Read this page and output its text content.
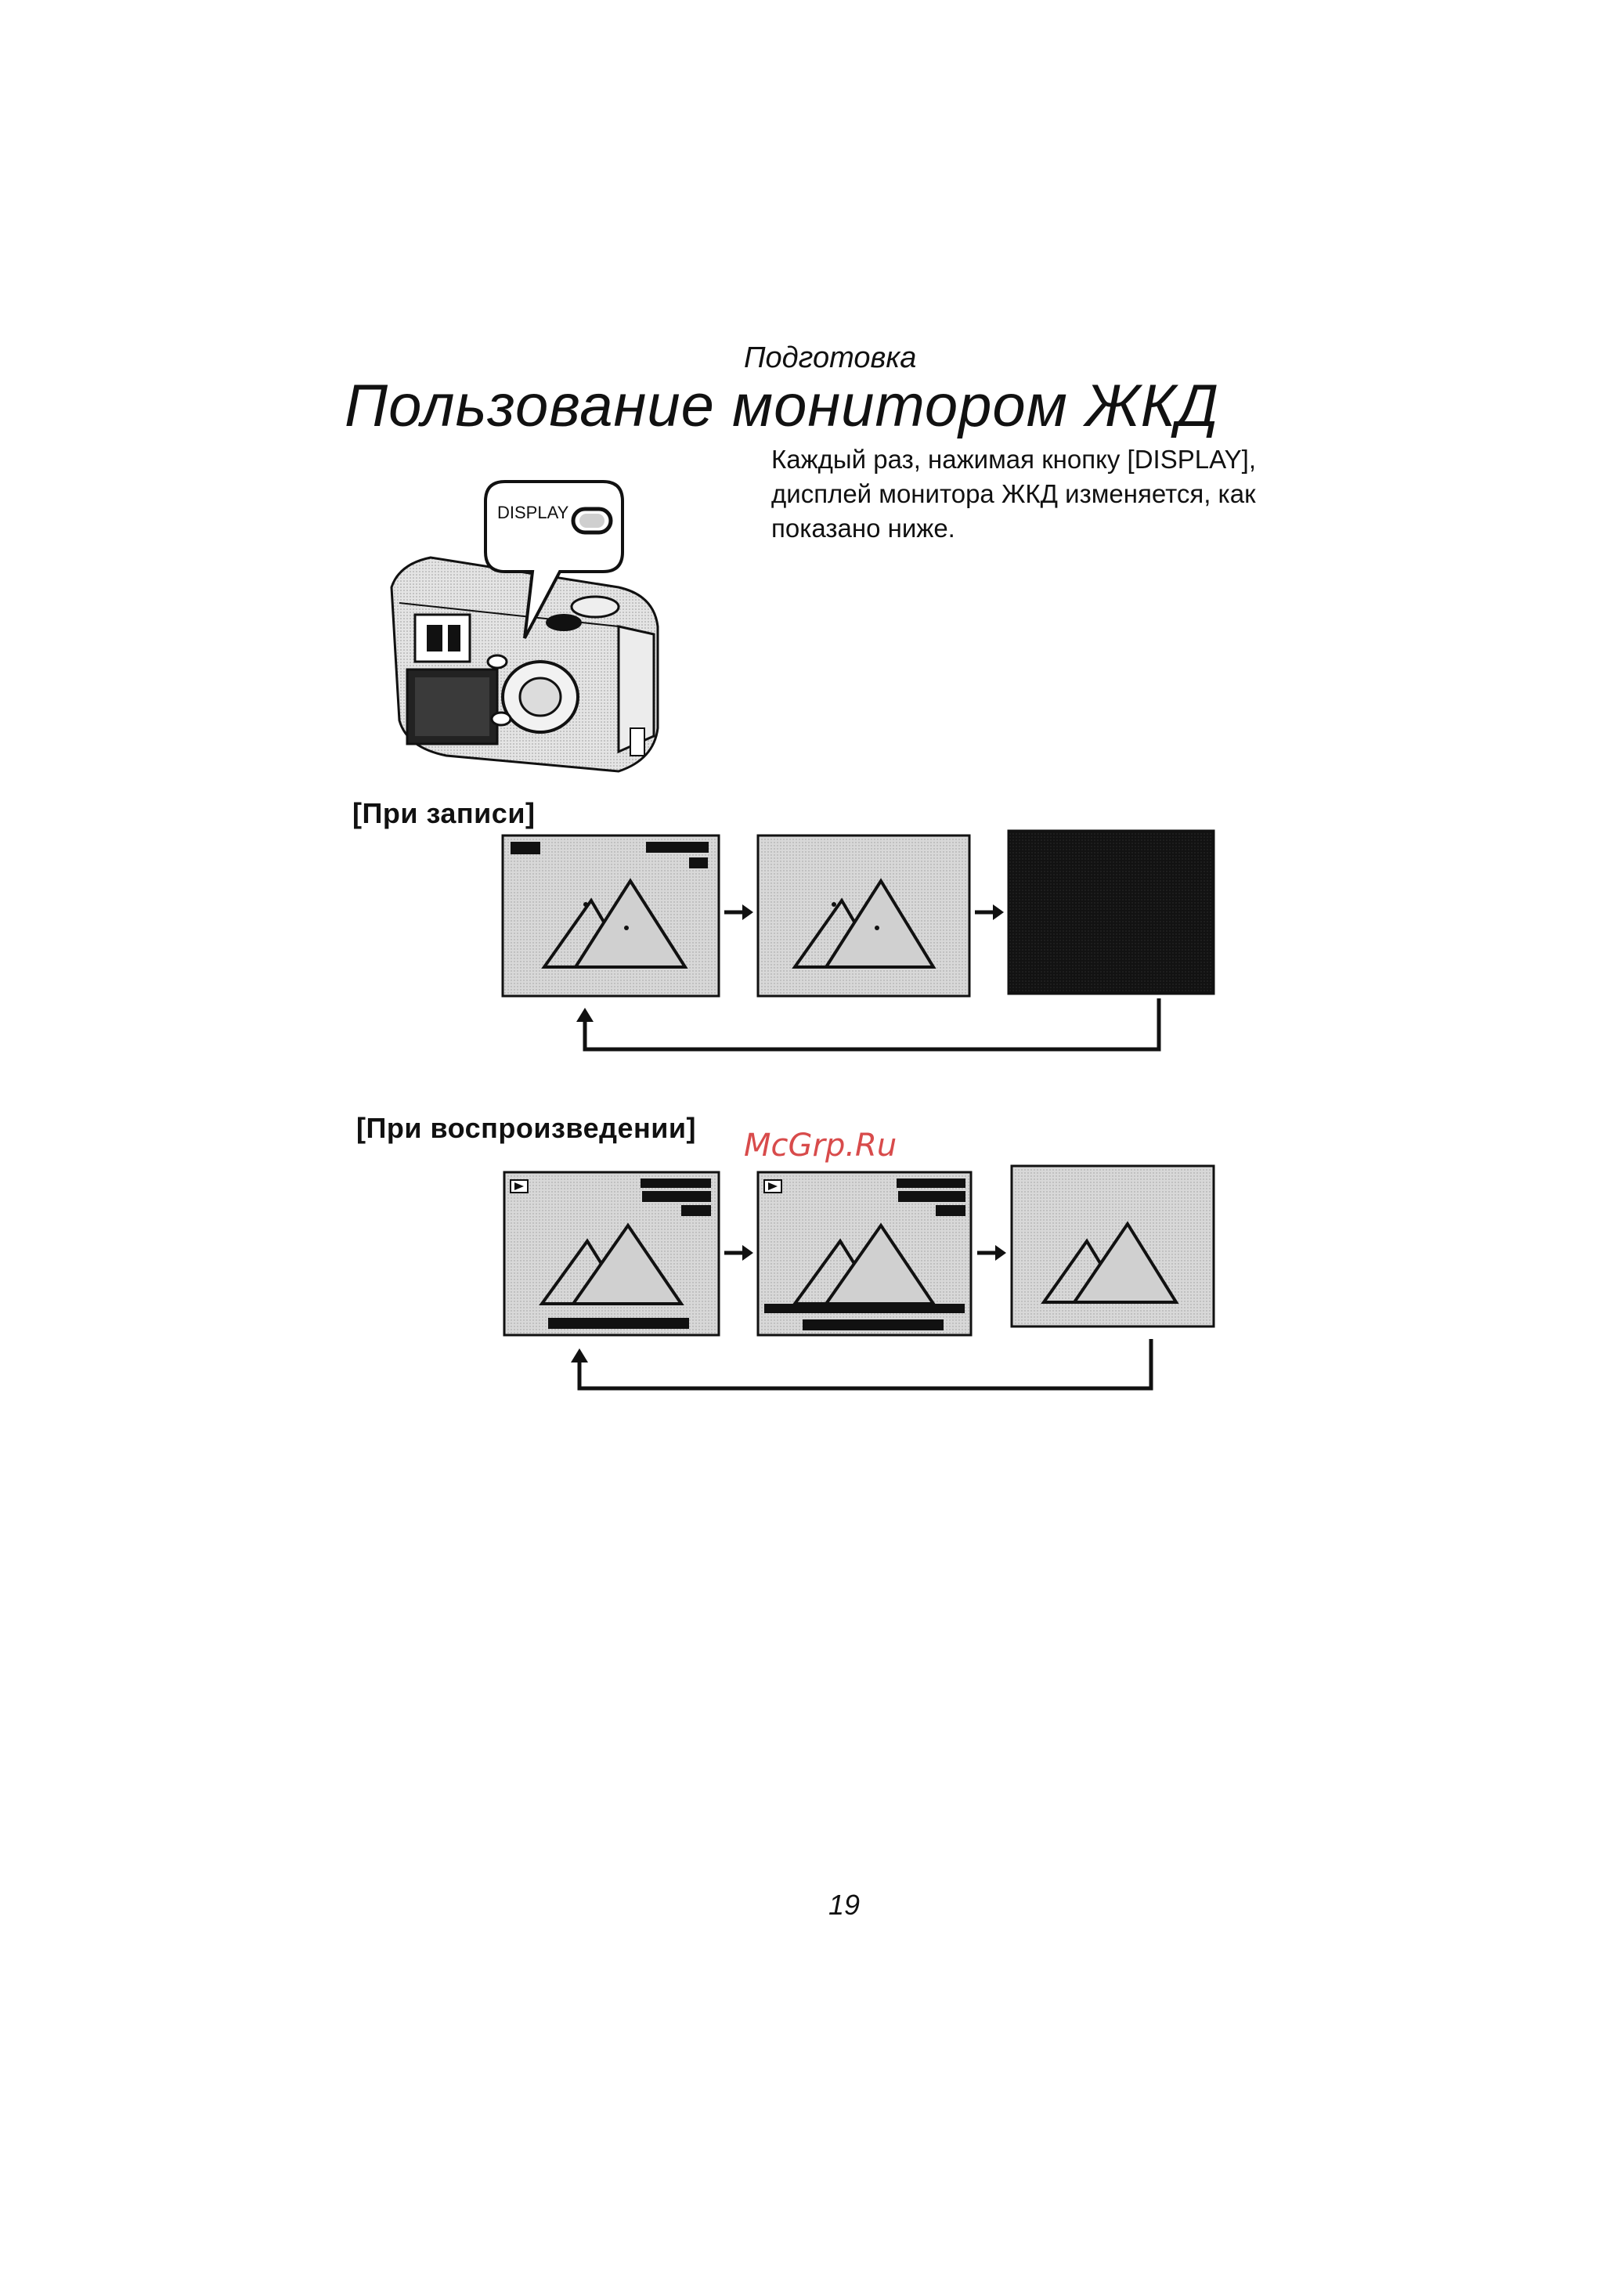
Подготовка
Пользование монитором ЖКД

Каждый раз, нажимая кнопку [DISPLAY],

дисплей монитора ЖКД изменяется, как

показано ниже.

DISPLAY
[При записи]
[При воспроизведении] McGrp.Ru
19
